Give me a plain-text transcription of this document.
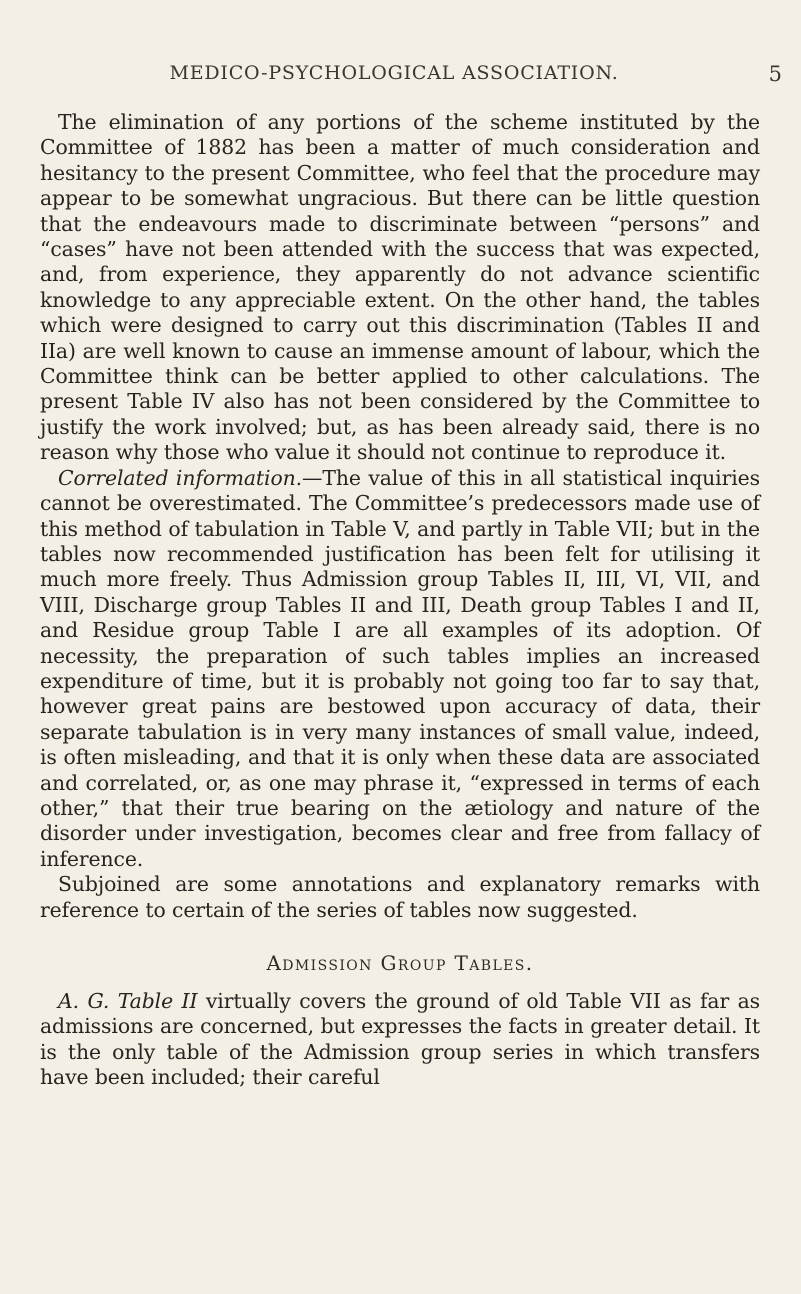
MEDICO-PSYCHOLOGICAL ASSOCIATION.	5

The elimination of any portions of the scheme instituted by the Committee of 1882 has been a matter of much consideration and hesitancy to the present Committee, who feel that the procedure may appear to be somewhat ungracious. But there can be little question that the endeavours made to discriminate between “persons” and “cases” have not been attended with the success that was expected, and, from experience, they apparently do not advance scientific knowledge to any appreciable extent. On the other hand, the tables which were designed to carry out this discrimination (Tables II and IIa) are well known to cause an immense amount of labour, which the Committee think can be better applied to other calculations. The present Table IV also has not been considered by the Committee to justify the work involved; but, as has been already said, there is no reason why those who value it should not continue to reproduce it.

Correlated information.—The value of this in all statistical inquiries cannot be overestimated. The Committee’s predecessors made use of this method of tabulation in Table V, and partly in Table VII; but in the tables now recommended justification has been felt for utilising it much more freely. Thus Admission group Tables II, III, VI, VII, and VIII, Discharge group Tables II and III, Death group Tables I and II, and Residue group Table I are all examples of its adoption. Of necessity, the preparation of such tables implies an increased expenditure of time, but it is probably not going too far to say that, however great pains are bestowed upon accuracy of data, their separate tabulation is in very many instances of small value, indeed, is often misleading, and that it is only when these data are associated and correlated, or, as one may phrase it, “expressed in terms of each other,” that their true bearing on the ætiology and nature of the disorder under investigation, becomes clear and free from fallacy of inference.

Subjoined are some annotations and explanatory remarks with reference to certain of the series of tables now suggested.

Admission Group Tables.

A. G. Table II virtually covers the ground of old Table VII as far as admissions are concerned, but expresses the facts in greater detail. It is the only table of the Admission group series in which transfers have been included; their careful
